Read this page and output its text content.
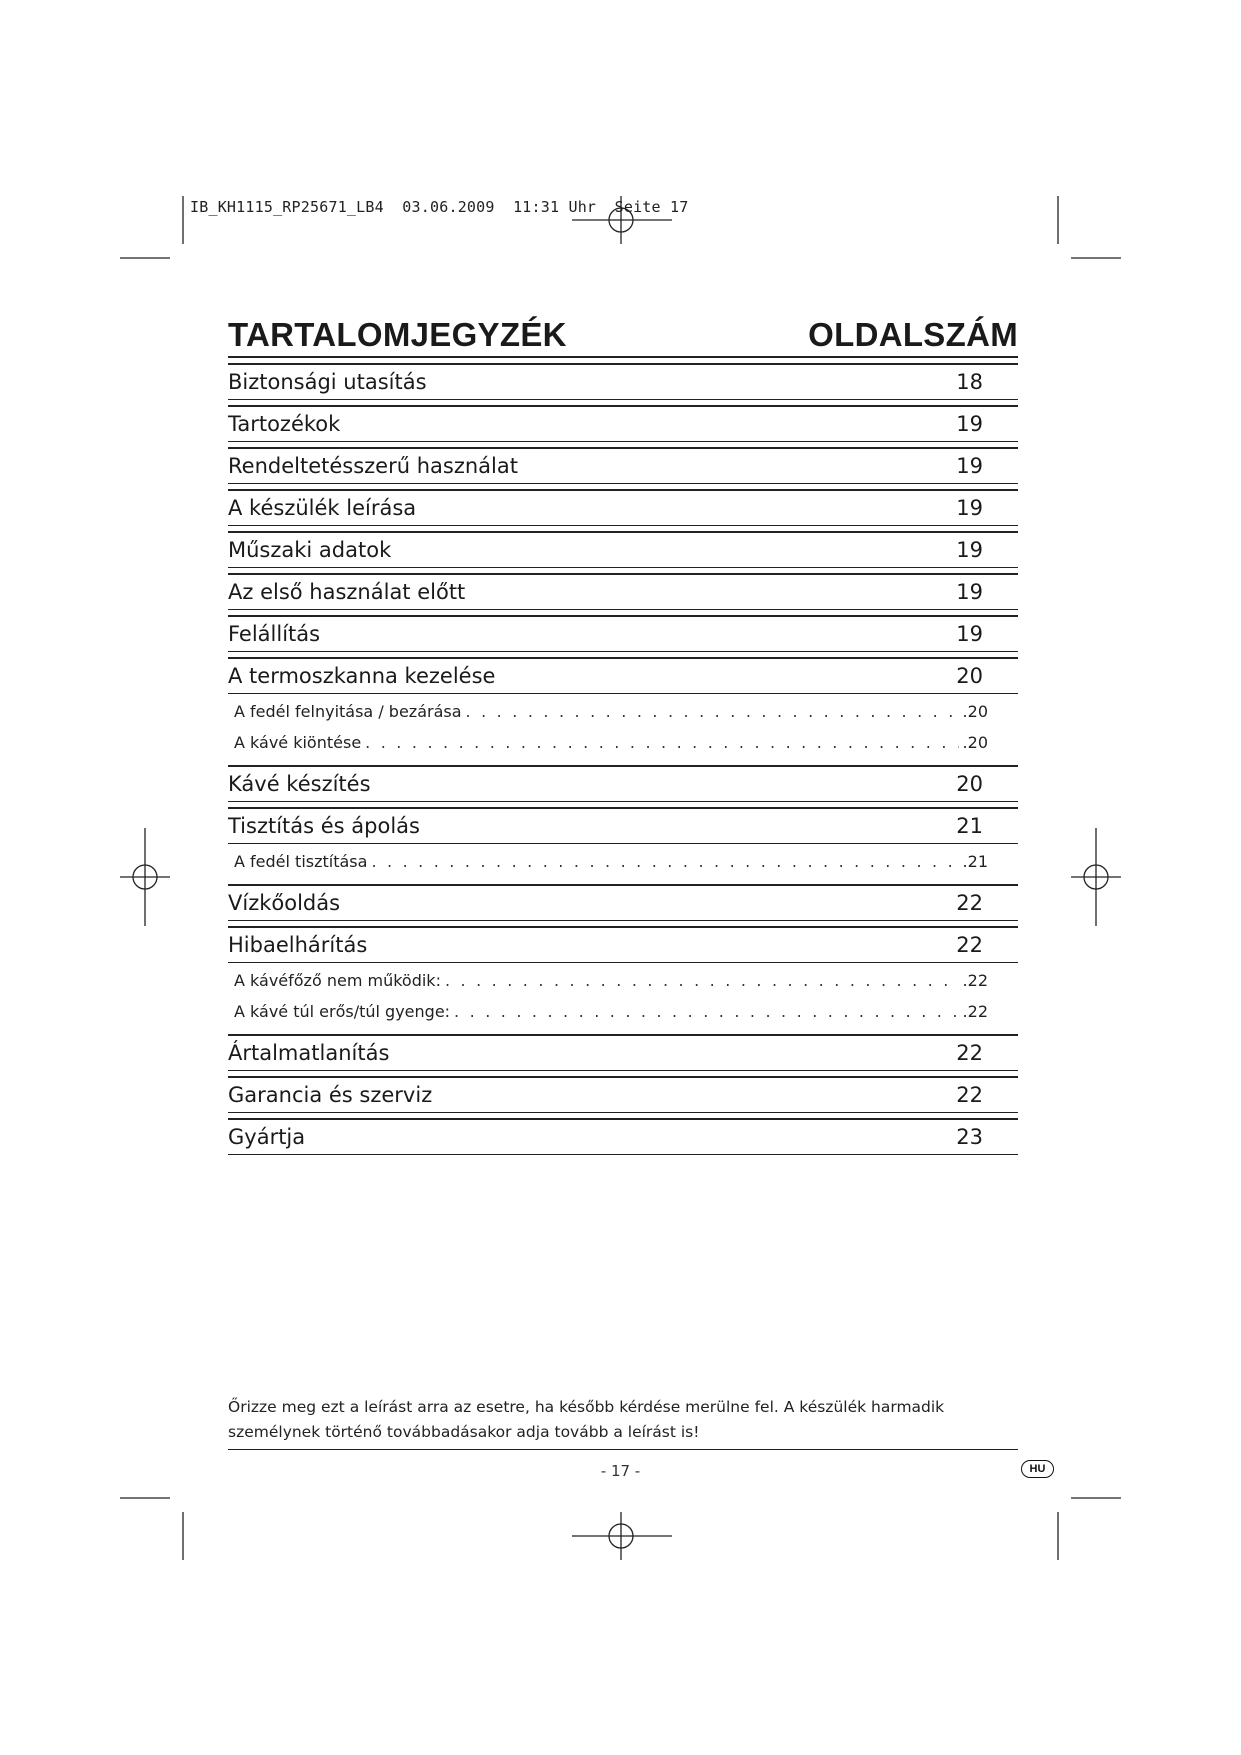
IB_KH1115_RP25671_LB4  03.06.2009  11:31 Uhr  Seite 17
TARTALOMJEGYZÉK	OLDALSZÁM
Biztonsági utasítás	18
Tartozékok	19
Rendeltetésszerű használat	19
A készülék leírása	19
Műszaki adatok	19
Az első használat előtt	19
Felállítás	19
A termoszkanna kezelése	20
A fedél felnyitása / bezárása . . .	.20
A kávé kiöntése . . .	.20
Kávé készítés	20
Tisztítás és ápolás	21
A fedél tisztítása . . .	.21
Vízkőoldás	22
Hibaelhárítás	22
A kávéfőző nem működik: . . .	.22
A kávé túl erős/túl gyenge: . . .	.22
Ártalmatlanítás	22
Garancia és szerviz	22
Gyártja	23
Őrizze meg ezt a leírást arra az esetre, ha később kérdése merülne fel. A készülék harmadik személynek történő továbbadásakor adja tovább a leírást is!
- 17 -	HU
